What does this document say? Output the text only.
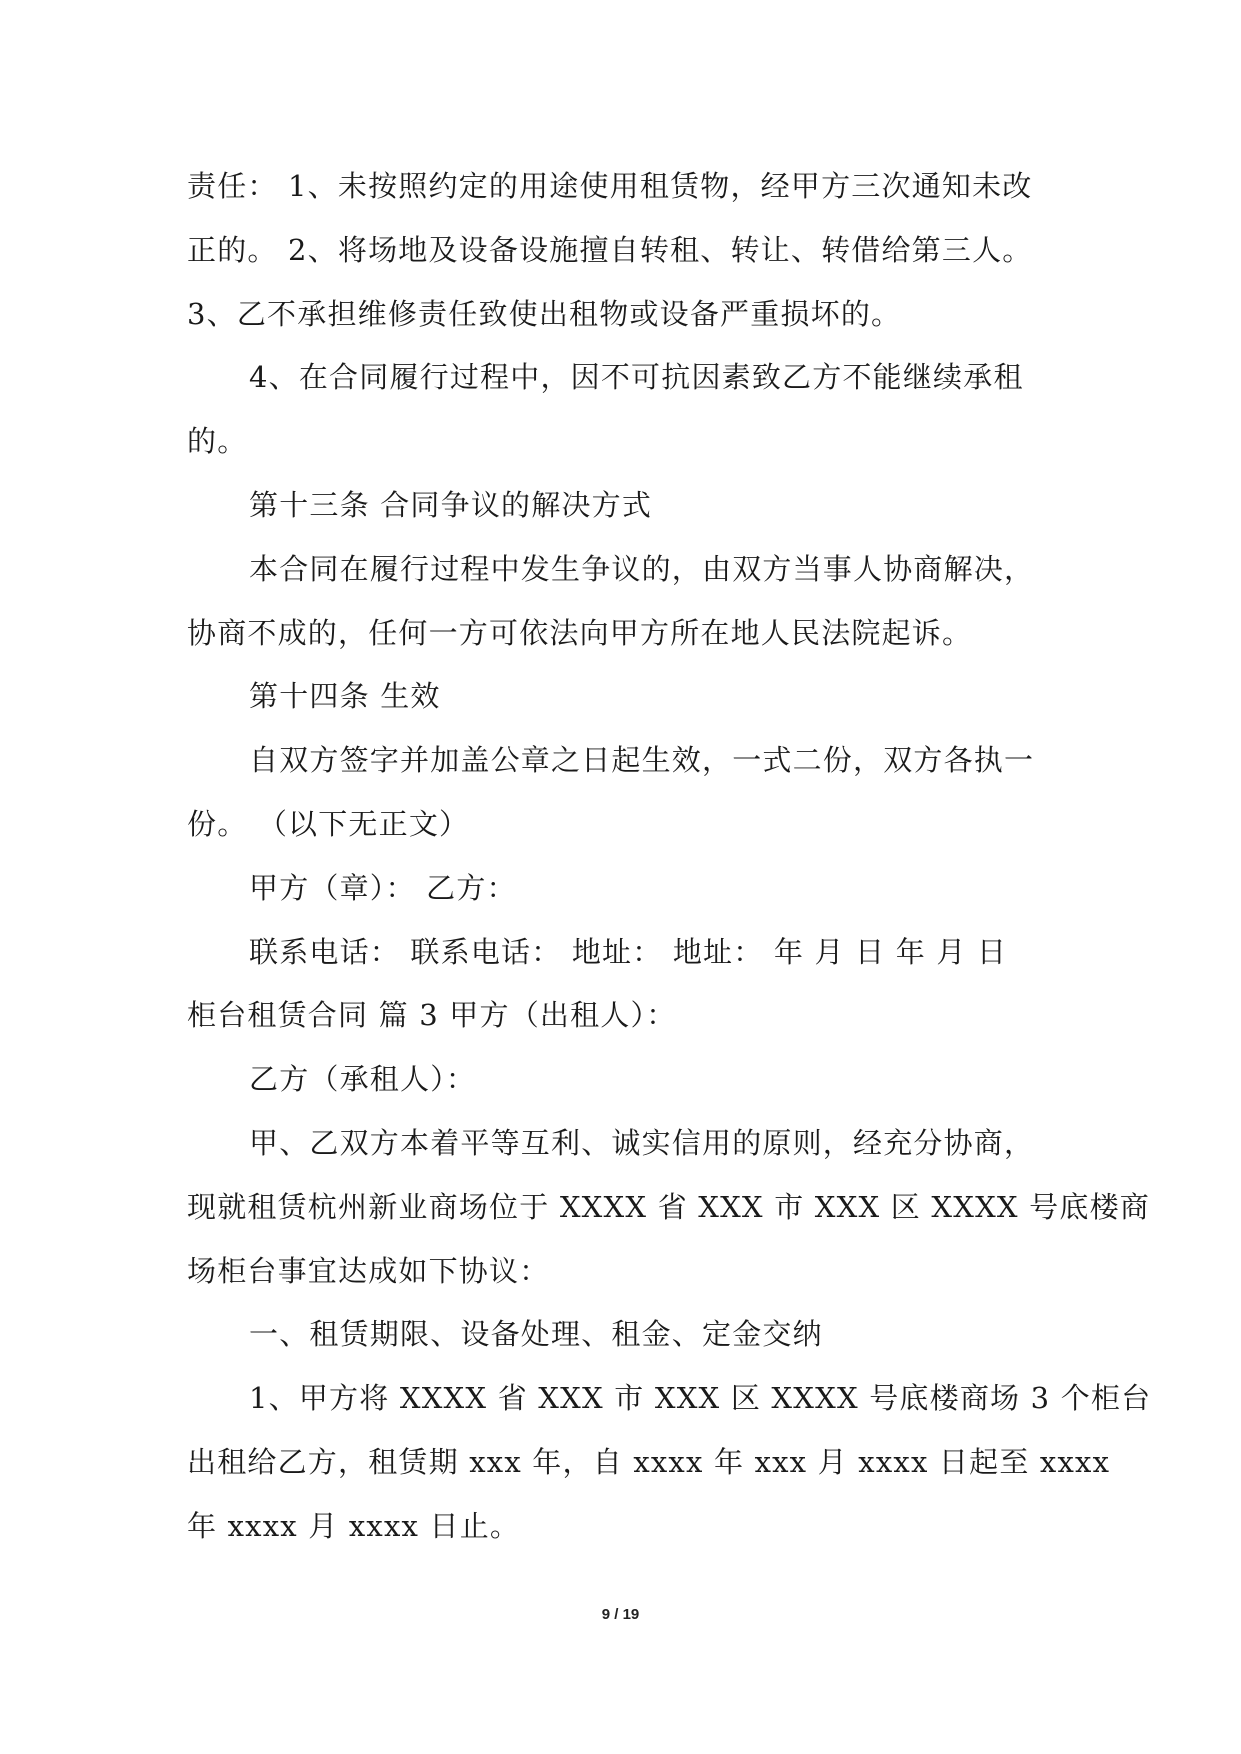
责任： 1、未按照约定的用途使用租赁物，经甲方三次通知未改
正的。 2、将场地及设备设施擅自转租、转让、转借给第三人。
3、乙不承担维修责任致使出租物或设备严重损坏的。
4、在合同履行过程中，因不可抗因素致乙方不能继续承租
的。
第十三条 合同争议的解决方式
本合同在履行过程中发生争议的，由双方当事人协商解决，
协商不成的，任何一方可依法向甲方所在地人民法院起诉。
第十四条 生效
自双方签字并加盖公章之日起生效，一式二份，双方各执一
份。 （以下无正文）
甲方（章）： 乙方：
联系电话： 联系电话： 地址： 地址： 年 月 日 年 月 日
柜台租赁合同 篇 3 甲方（出租人）：
乙方（承租人）：
甲、乙双方本着平等互利、诚实信用的原则，经充分协商，
现就租赁杭州新业商场位于 XXXX 省 XXX 市 XXX 区 XXXX 号底楼商
场柜台事宜达成如下协议：
一、租赁期限、设备处理、租金、定金交纳
1、甲方将 XXXX 省 XXX 市 XXX 区 XXXX 号底楼商场 3 个柜台
出租给乙方，租赁期 xxx 年，自 xxxx 年 xxx 月 xxxx 日起至 xxxx
年 xxxx 月 xxxx 日止。
9 / 19
